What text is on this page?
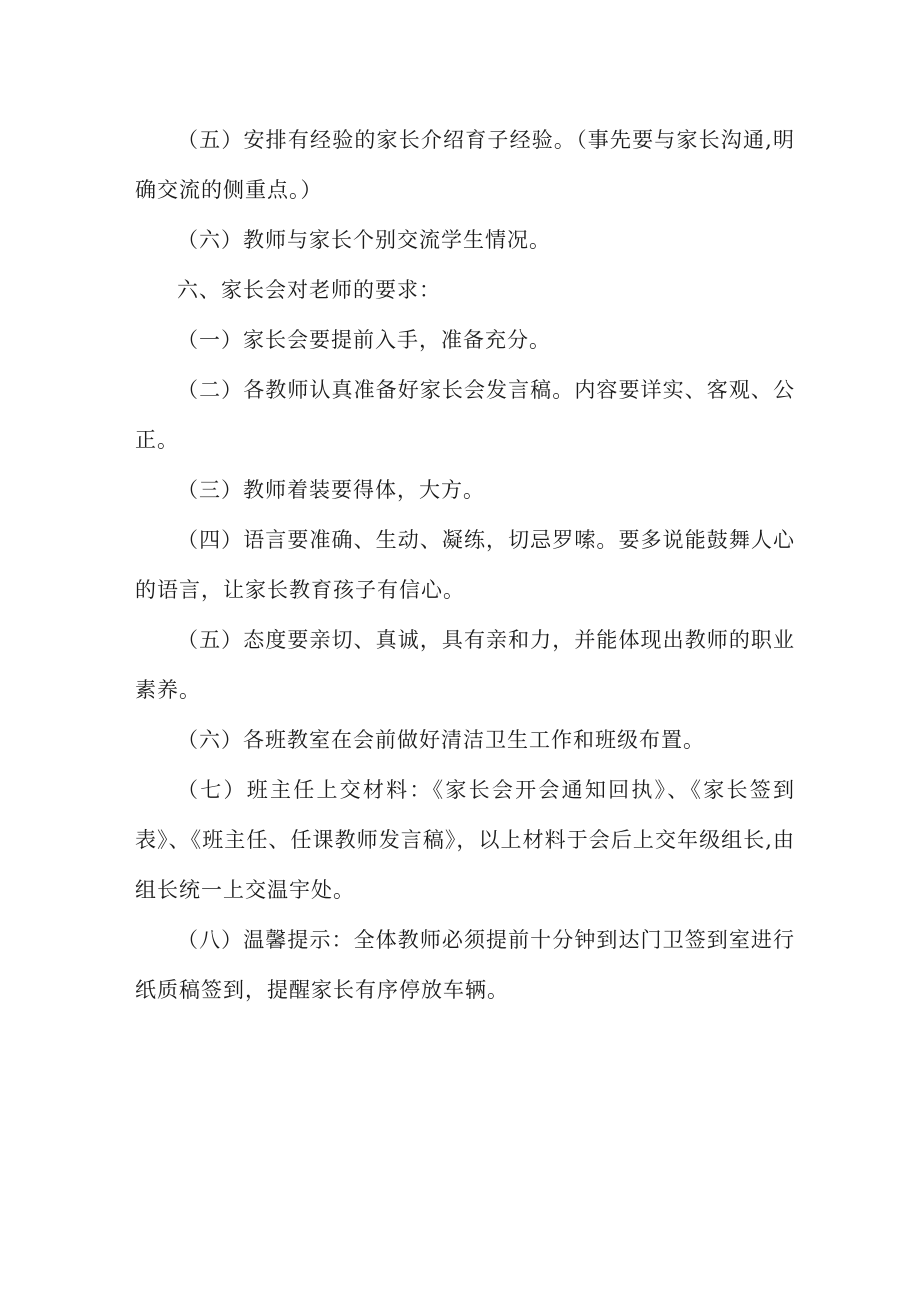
（五）安排有经验的家长介绍育子经验。（事先要与家长沟通,明确交流的侧重点。）

（六）教师与家长个别交流学生情况。

六、家长会对老师的要求：

（一）家长会要提前入手，准备充分。

（二）各教师认真准备好家长会发言稿。内容要详实、客观、公正。

（三）教师着装要得体，大方。

（四）语言要准确、生动、凝练，切忌罗嗦。要多说能鼓舞人心的语言，让家长教育孩子有信心。

（五）态度要亲切、真诚，具有亲和力，并能体现出教师的职业素养。

（六）各班教室在会前做好清洁卫生工作和班级布置。

（七）班主任上交材料：《家长会开会通知回执》、《家长签到表》、《班主任、任课教师发言稿》，以上材料于会后上交年级组长,由组长统一上交温宇处。

（八）温馨提示：全体教师必须提前十分钟到达门卫签到室进行纸质稿签到，提醒家长有序停放车辆。
